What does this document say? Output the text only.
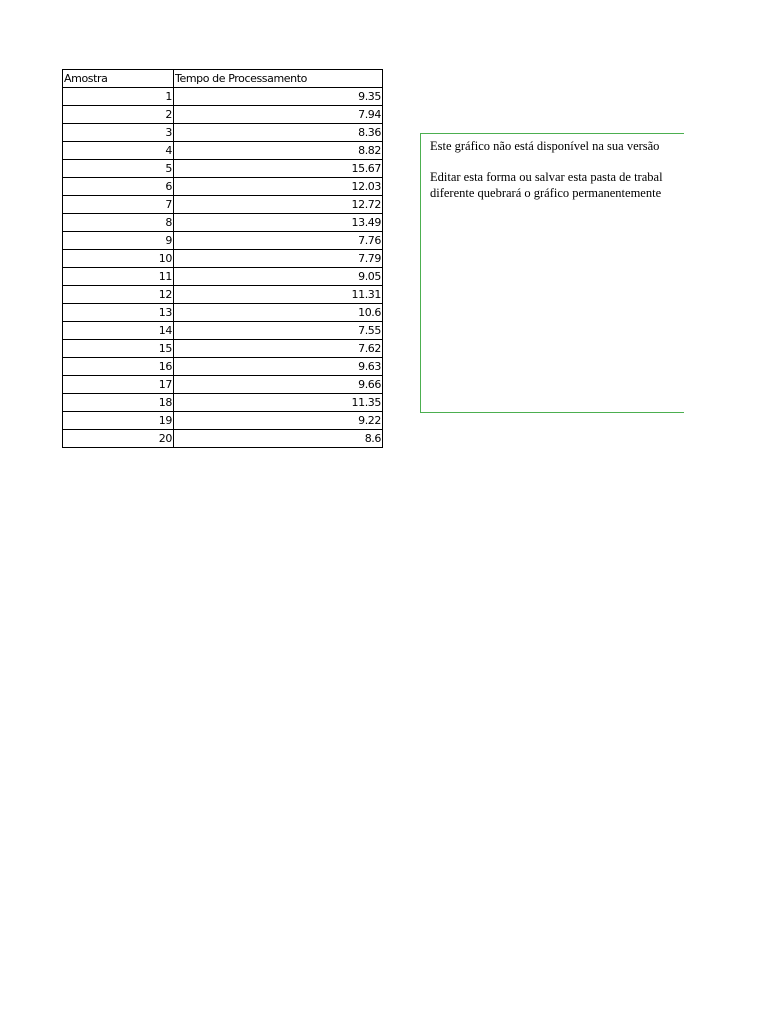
Amostra	Tempo de Processamento
1	9.35
2	7.94
3	8.36
4	8.82
5	15.67
6	12.03
7	12.72
8	13.49
9	7.76
10	7.79
11	9.05
12	11.31
13	10.6
14	7.55
15	7.62
16	9.63
17	9.66
18	11.35
19	9.22
20	8.6

Este gráfico não está disponível na sua versão

Editar esta forma ou salvar esta pasta de trabal

diferente quebrará o gráfico permanentemente
